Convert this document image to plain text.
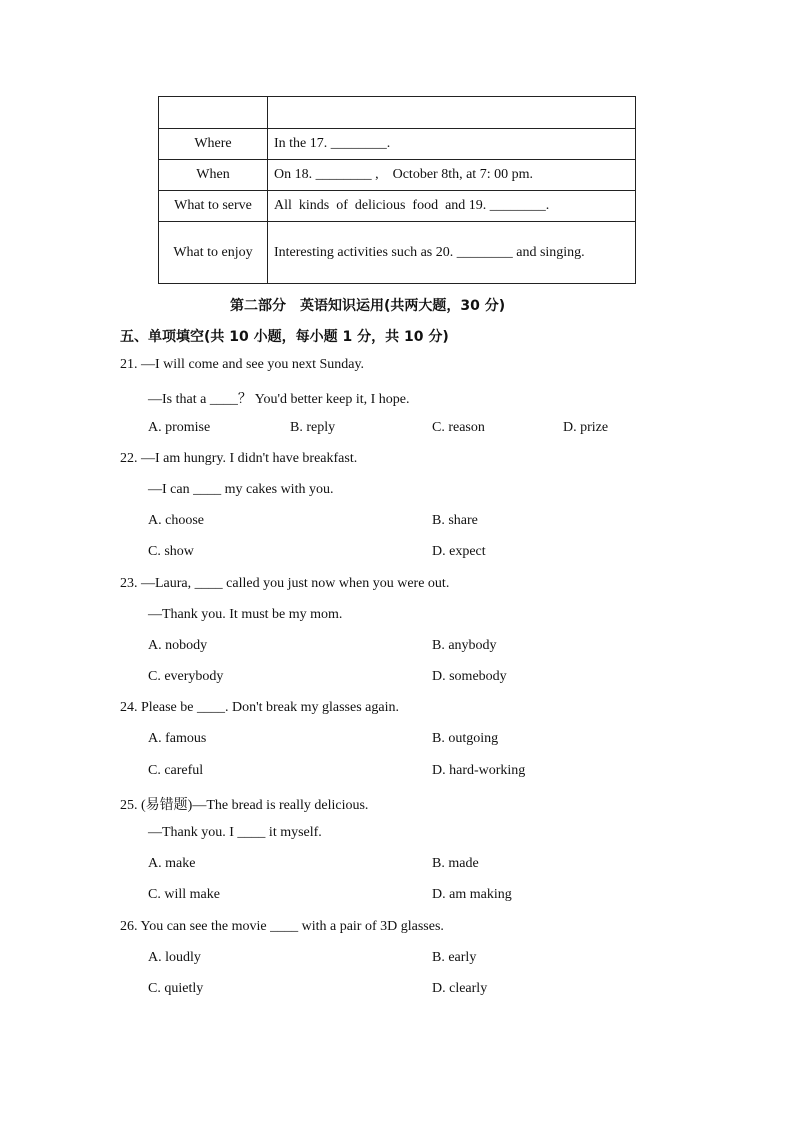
Where	In the 17. ________.
When	On 18. ________ ,    October 8th, at 7: 00 pm.
What to serve	All  kinds  of  delicious  food  and 19. ________.
What to enjoy	Interesting activities such as 20. ________ and singing.
第二部分　英语知识运用(共两大题，30 分)
五、单项填空(共 10 小题，每小题 1 分，共 10 分)
21. —I will come and see you next Sunday.
—Is that a ____？ You'd better keep it, I hope.
A. promise	B. reply	C. reason	D. prize
22. —I am hungry. I didn't have breakfast.
—I can ____ my cakes with you.
A. choose	B. share
C. show	D. expect
23. —Laura, ____ called you just now when you were out.
—Thank you. It must be my mom.
A. nobody	B. anybody
C. everybody	D. somebody
24. Please be ____. Don't break my glasses again.
A. famous	B. outgoing
C. careful	D. hard-working
25. (易错题)—The bread is really delicious.
—Thank you. I ____ it myself.
A. make	B. made
C. will make	D. am making
26. You can see the movie ____ with a pair of 3D glasses.
A. loudly	B. early
C. quietly	D. clearly
